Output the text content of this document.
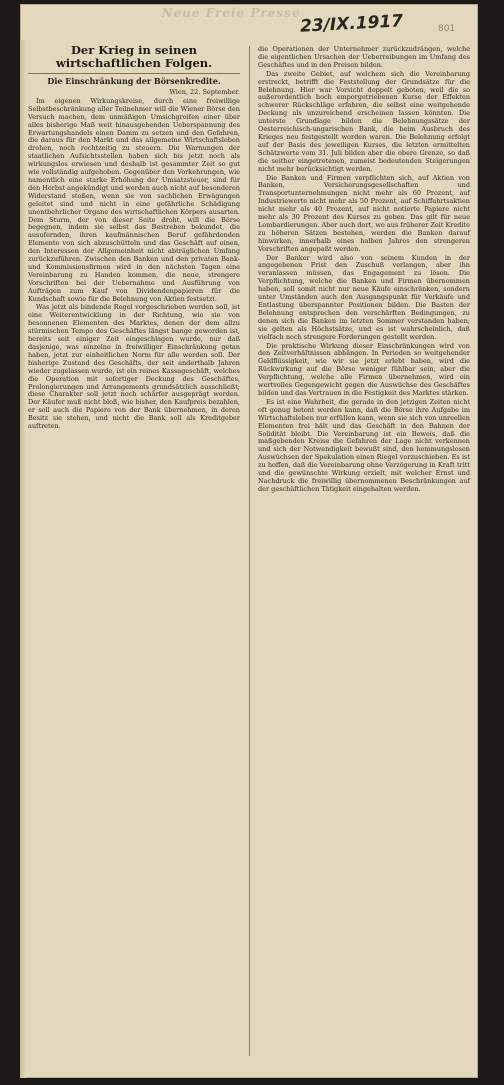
Neue Freie Presse 23/IX.1917	801
Der Krieg in seinen wirtschaftlichen Folgen.
Die Einschränkung der Börsenkredite.
Wien, 22. September.

Im eigenen Wirkungskreise, durch eine freiwillige Selbstbeschränkung aller Teilnehmer will die Wiener Börse den Versuch machen, dem unmäßigen Umsichgreifen einer über alles bisherige Maß weit hinausgehenden Ueberspannung des Erwartungshandels einen Damm zu setzen und den Gefahren, die daraus für den Markt und das allgemeine Wirtschaftsleben drohen, noch rechtzeitig zu steuern. Die Warnungen der staatlichen Aufsichtsstellen haben sich bis jetzt noch als wirkungslos erwiesen und deshalb ist gesammter Zeit so gut wie vollständig aufgehoben. Gegenüber den Vorkehrungen, wie namentlich eine starke Erhöhung der Umsatzsteuer, sind für den Herbst angekündigt und werden auch nicht auf besonderen Widerstand stoßen, wenn sie von sachlichen Erwägungen geleitet sind und nicht in eine gefährliche Schädigung unentbehrlicher Organe des wirtschaftlichen Körpers ausarten. Dem Sturm, der von dieser Seite droht, will die Börse begegnen, indem sie selbst das Bestreben bekundet, die ausufernden, ihren kaufmännischen Beruf gefährdenden Elemente von sich abzuschütteln und das Geschäft auf einen, den Interessen der Allgemeinheit nicht abträglichen Umfang zurückzuführen. Zwischen den Banken und den privaten Bank- und Kommissionsfirmen wird in den nächsten Tagen eine Vereinbarung zu Handen kommen, die neue, strengere Vorschriften bei der Uebernahme und Ausführung von Aufträgen zum Kauf von Dividendenpapieren für die Kundschaft sowie für die Belehnung von Aktien festsetzt.

Was jetzt als bindende Regel vorgeschrieben werden soll, ist eine Weiterentwicklung in der Richtung, wie sie von besonnenen Elementen des Marktes, denen der dem allzu stürmischen Tempo des Geschäftes längst bange geworden ist, bereits seit einiger Zeit eingeschlagen wurde, nur daß dasjenige, was einzelne in freiwilliger Einschränkung getan haben, jetzt zur einheitlichen Norm für alle werden soll. Der bisherige Zustand des Geschäfts, der seit anderthalb Jahren wieder zugelassen wurde, ist ein reines Kassageschäft, welches die Operation mit sofortiger Deckung des Geschäftes, Prolongierungen und Arrangements grundsätzlich ausschließt; diese Charakter soll jetzt noch schärfer ausgeprägt werden. Der Käufer muß nicht bloß, wie bisher, den Kaufpreis bezahlen, er soll auch die Papiere von der Bank übernehmen, in deren Besitz sie stehen, und nicht die Bank soll als Kreditgeber auftreten.

die Operationen der Unternehmer zurückzudrängen, welche die eigentlichen Ursachen der Ueberreibungen im Umfang des Geschäftes und in den Preisen bilden.

Das zweite Gebiet, auf welchem sich die Vereinbarung erstreckt, betrifft die Feststellung der Grundsätze für die Belehnung. Hier war Vorsicht doppelt geboten, weil die so außerordentlich hoch emporgetriebenen Kurse der Effekten schwerer Rückschläge erfahren, die selbst eine weitgehende Deckung als unzureichend erscheinen lassen könnten. Die unterste Grundlage bilden die Belehnungssätze der Oesterreichisch-ungarischen Bank, die beim Ausbruch des Krieges neu festgestellt worden waren. Die Belehnung erfolgt auf der Basis des jeweiligen Kurses, die letzten ermittelten Schätzwerte vom 31. Juli bilden aber die obere Grenze, so daß die seither eingetretenen, zumeist bedeutenden Steigerungen nicht mehr berücksichtigt werden.

Die Banken und Firmen verpflichten sich, auf Aktien von Banken, Versicherungsgesellschaften und Transportunternehmungen nicht mehr als 60 Prozent, auf Industriewerte nicht mehr als 50 Prozent, auf Schiffahrtsaktien nicht mehr als 40 Prozent, auf nicht notierte Papiere nicht mehr als 30 Prozent des Kurses zu geben. Das gilt für neue Lombardierungen. Aber auch dort, wo aus früherer Zeit Kredite zu höheren Sätzen bestehen, werden die Banken darauf hinwirken, innerhalb eines halben Jahres den strengeren Vorschriften angepaßt werden.

Der Banker wird also von seinem Kunden in der angegebenen Frist den Zuschuß verlangen, aber ihn veranlassen müssen, das Engagement zu lösen. Die Verpflichtung, welche die Banken und Firmen übernommen haben, soll somit nicht nur neue Käufe einschränken, sondern unter Umständen auch den Ausgangspunkt für Verkäufe und Entlastung überspannter Positionen bilden. Die Basten der Belehnung entsprechen den verschärften Bedingungen, zu denen sich die Banken im letzten Sommer verstanden haben; sie gelten als Höchstsätze, und es ist wahrscheinlich, daß vielfach noch strengere Forderungen gestellt werden.

Die praktische Wirkung dieser Einschränkungen wird von den Zeitverhältnissen abhängen. In Perioden so weitgehender Geldflüssigkeit, wie wir sie jetzt erlebt haben, wird die Rückwirkung auf die Börse weniger fühlbar sein, aber die Verpflichtung, welche alle Firmen übernehmen, wird ein wertvolles Gegengewicht gegen die Auswüchse des Geschäftes bilden und das Vertrauen in die Festigkeit des Marktes stärken.

Es ist eine Wahrheit, die gerade in den jetzigen Zeiten nicht oft genug betont werden kann, daß die Börse ihre Aufgabe im Wirtschaftsleben nur erfüllen kann, wenn sie sich von unreellen Elementen frei hält und das Geschäft in den Bahnen der Solidität bleibt. Die Vereinbarung ist ein Beweis, daß die maßgebenden Kreise die Gefahren der Lage nicht verkennen und sich der Notwendigkeit bewußt sind, den hemmungslosen Auswüchsen der Spekulation einen Riegel vorzuschieben. Es ist zu hoffen, daß die Vereinbarung ohne Verzögerung in Kraft tritt und die gewünschte Wirkung erzielt, mit welcher Ernst und Nachdruck die freiwillig übernommenen Beschränkungen auf der geschäftlichen Tätigkeit eingehalten werden.
